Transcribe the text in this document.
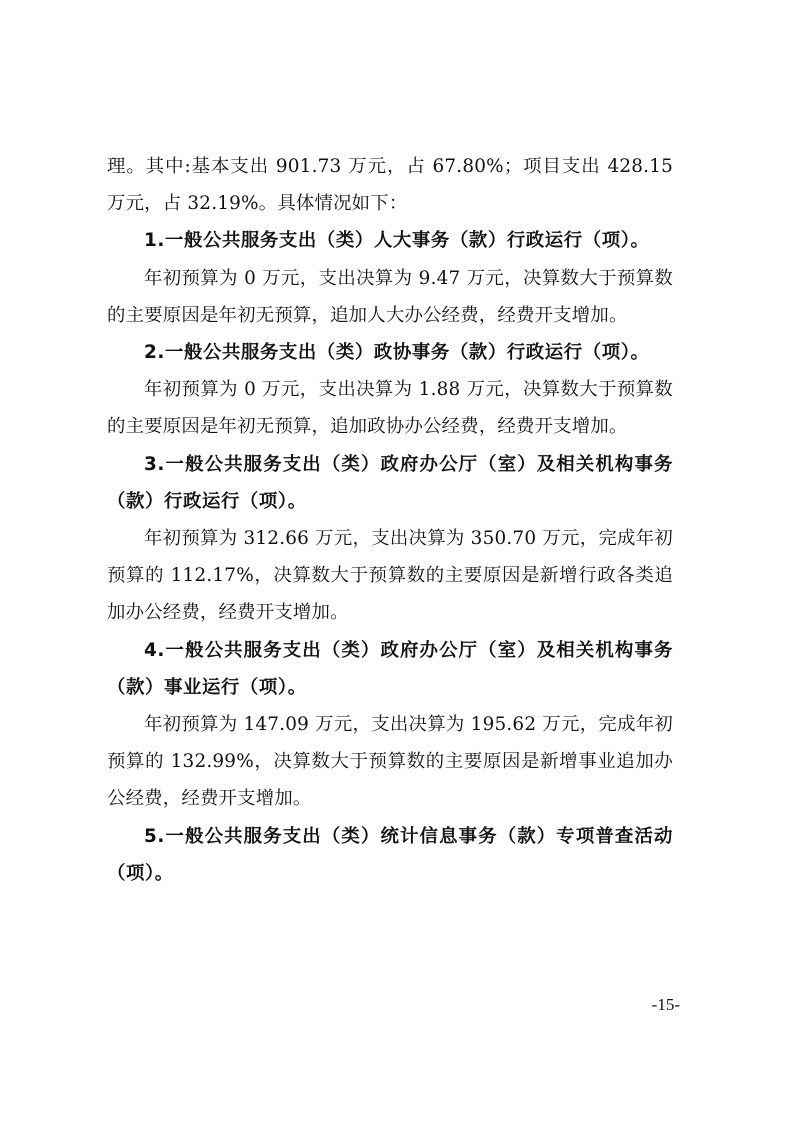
理。其中:基本支出 901.73 万元，占 67.80%；项目支出 428.15 万元，占 32.19%。具体情况如下：

1.一般公共服务支出（类）人大事务（款）行政运行（项）。

年初预算为 0 万元，支出决算为 9.47 万元，决算数大于预算数的主要原因是年初无预算，追加人大办公经费，经费开支增加。

2.一般公共服务支出（类）政协事务（款）行政运行（项）。

年初预算为 0 万元，支出决算为 1.88 万元，决算数大于预算数的主要原因是年初无预算，追加政协办公经费，经费开支增加。

3.一般公共服务支出（类）政府办公厅（室）及相关机构事务（款）行政运行（项）。

年初预算为 312.66 万元，支出决算为 350.70 万元，完成年初预算的 112.17%，决算数大于预算数的主要原因是新增行政各类追加办公经费，经费开支增加。

4.一般公共服务支出（类）政府办公厅（室）及相关机构事务（款）事业运行（项）。

年初预算为 147.09 万元，支出决算为 195.62 万元，完成年初预算的 132.99%，决算数大于预算数的主要原因是新增事业追加办公经费，经费开支增加。

5.一般公共服务支出（类）统计信息事务（款）专项普查活动（项）。

-15-
